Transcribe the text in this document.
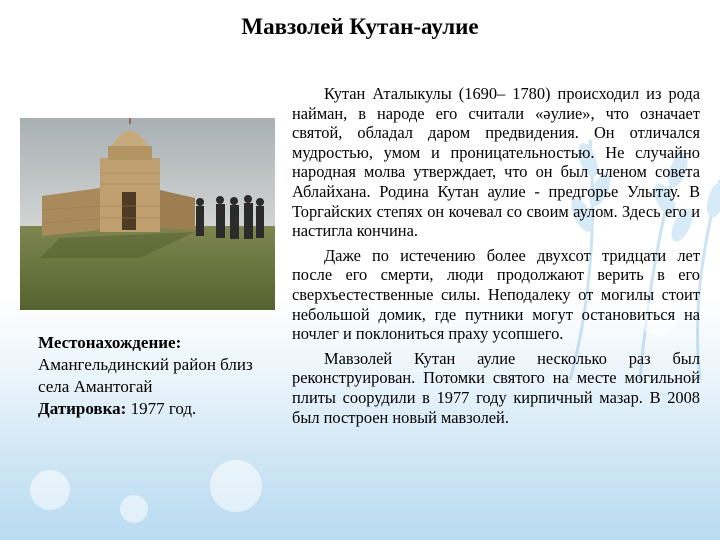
Мавзолей Кутан-аулие
Местонахождение:
Амангельдинский район близ села Амантогай
Датировка: 1977 год.

Кутан Аталыкулы (1690– 1780) происходил из рода найман, в народе его считали «әулие», что означает святой, обладал даром предвидения. Он отличался мудростью, умом и проницательностью. Не случайно народная молва утверждает, что он был членом совета Аблайхана. Родина Кутан аулие - предгорье Улытау. В Торгайских степях он кочевал со своим аулом. Здесь его и настигла кончина.

Даже по истечению более двухсот тридцати лет после его смерти, люди продолжают верить в его сверхъестественные силы. Неподалеку от могилы стоит небольшой домик, где путники могут остановиться на ночлег и поклониться праху усопшего.

Мавзолей Кутан аулие несколько раз был реконструирован. Потомки святого на месте могильной плиты соорудили в 1977 году кирпичный мазар. В 2008 был построен новый мавзолей.
